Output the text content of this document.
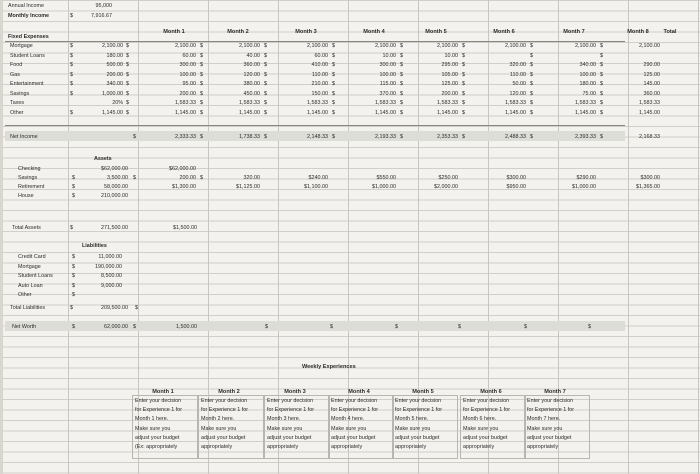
Annual Income	95,000
Monthly Income	$	7,916.67
Month 1	Month 2	Month 3	Month 4	Month 5	Month 6	Month 7	Month 8	Total
Fixed Expenses
Mortgage	$	2,100.00 $	2,100.00 $	2,100.00 $	2,100.00 $	2,100.00 $	2,100.00 $	2,100.00 $	2,100.00 $	2,100.00
Student Loans	$	180.00 $	60.00 $	40.00 $	60.00 $	10.00 $	10.00 $	$	$
Food	$	500.00 $	300.00 $	360.00 $	410.00 $	300.00 $	295.00 $	320.00 $	340.00 $	290.00
Gas	$	200.00 $	100.00 $	120.00 $	110.00 $	100.00 $	105.00 $	110.00 $	100.00 $	125.00
Entertainment	$	340.00 $	95.00 $	380.00 $	210.00 $	115.00 $	125.00 $	50.00 $	180.00 $	145.00
Savings	$	1,000.00 $	200.00 $	450.00 $	150.00 $	370.00 $	200.00 $	120.00 $	75.00 $	360.00
Taxes	20% $	1,583.33 $	1,583.33 $	1,583.33 $	1,583.33 $	1,583.33 $	1,583.33 $	1,583.33 $	1,583.33
Other	$	1,145.00 $	1,145.00 $	1,145.00 $	1,145.00 $	1,145.00 $	1,145.00 $	1,145.00 $	1,145.00 $	1,145.00
Net Income	$	2,333.33 $	1,738.33 $	2,148.33 $	2,193.33 $	2,353.33 $	2,488.33 $	2,393.33 $	2,168.33
Assets
Checking	$62,000.00	$62,000.00
Savings	$	3,500.00	200.00	320.00	$240.00	$550.00	$250.00	$300.00	$290.00	$300.00
Retirement	$	58,000.00	$1,300.00	$1,125.00	$1,100.00	$1,000.00	$2,000.00	$950.00	$1,000.00	$1,365.00
House	$	210,000.00
$	$
Total Assets	$	271,500.00	$1,500.00
Liabilities
Credit Card	$	11,000.00
Mortgage	$	190,000.00
Student Loans	$	8,500.00
Auto Loan	$	9,000.00
Other	$
Total Liabilities	$	209,500.00 $
Net Worth	$	62,000.00 $	1,500.00	$	$	$	$	$	$
Weekly Experiences
Month 1
Enter your decision
for Experience 1 for
Month 1 here.
Make sure you
adjust your budget
(Ex: appropriately
Month 2
Enter your decision
for Experience 1 for
Month 2 here.
Make sure you
adjust your budget
appropriately
Month 3
Enter your decision
for Experience 1 for
Month 3 here.
Make sure you
adjust your budget
appropriately
Month 4
Enter your decision
for Experience 1 for
Month 4 here.
Make sure you
adjust your budget
appropriately
Month 5
Enter your decision
for Experience 1 for
Month 5 here.
Make sure you
adjust your budget
appropriately
Month 6
Enter your decision
for Experience 1 for
Month 6 here.
Make sure you
adjust your budget
appropriately
Month 7
Enter your decision
for Experience 1 for
Month 7 here.
Make sure you
adjust your budget
appropriately
